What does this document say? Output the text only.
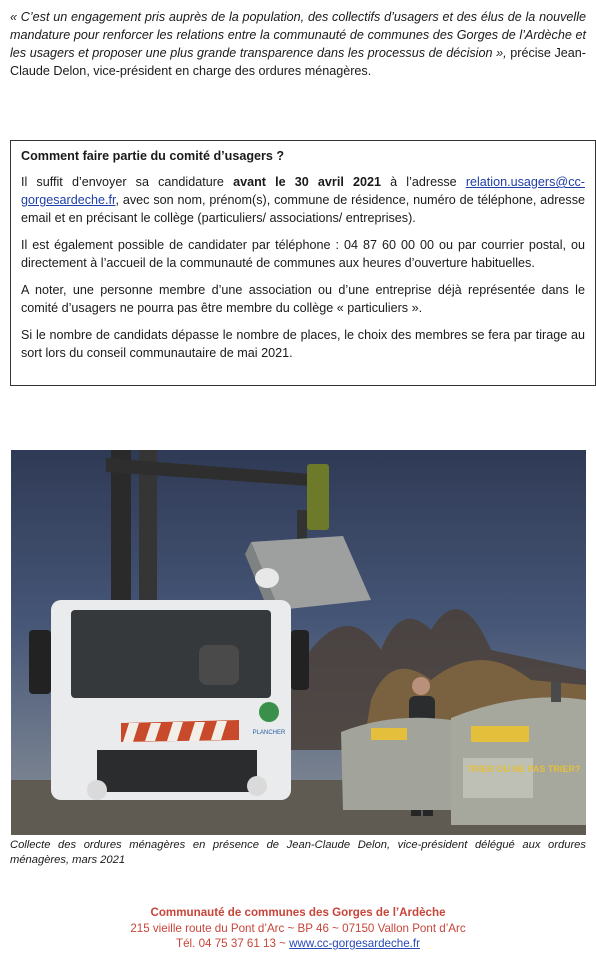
« C’est un engagement pris auprès de la population, des collectifs d’usagers et des élus de la nouvelle mandature pour renforcer les relations entre la communauté de communes des Gorges de l’Ardèche et les usagers et proposer une plus grande transparence dans les processus de décision », précise Jean-Claude Delon, vice-président en charge des ordures ménagères.
Comment faire partie du comité d’usagers ?

Il suffit d’envoyer sa candidature avant le 30 avril 2021 à l’adresse relation.usagers@cc-gorgesardeche.fr, avec son nom, prénom(s), commune de résidence, numéro de téléphone, adresse email et en précisant le collège (particuliers/ associations/ entreprises).

Il est également possible de candidater par téléphone : 04 87 60 00 00 ou par courrier postal, ou directement à l’accueil de la communauté de communes aux heures d’ouverture habituelles.

A noter, une personne membre d’une association ou d’une entreprise déjà représentée dans le comité d’usagers ne pourra pas être membre du collège « particuliers ».

Si le nombre de candidats dépasse le nombre de places, le choix des membres se fera par tirage au sort lors du conseil communautaire de mai 2021.

PLANCHER
TRIER OU NE PAS TRIER?
Collecte des ordures ménagères en présence de Jean-Claude Delon, vice-président délégué aux ordures ménagères, mars 2021
Communauté de communes des Gorges de l’Ardèche
215 vieille route du Pont d’Arc ~ BP 46 ~ 07150 Vallon Pont d’Arc
Tél. 04 75 37 61 13 ~ www.cc-gorgesardeche.fr
